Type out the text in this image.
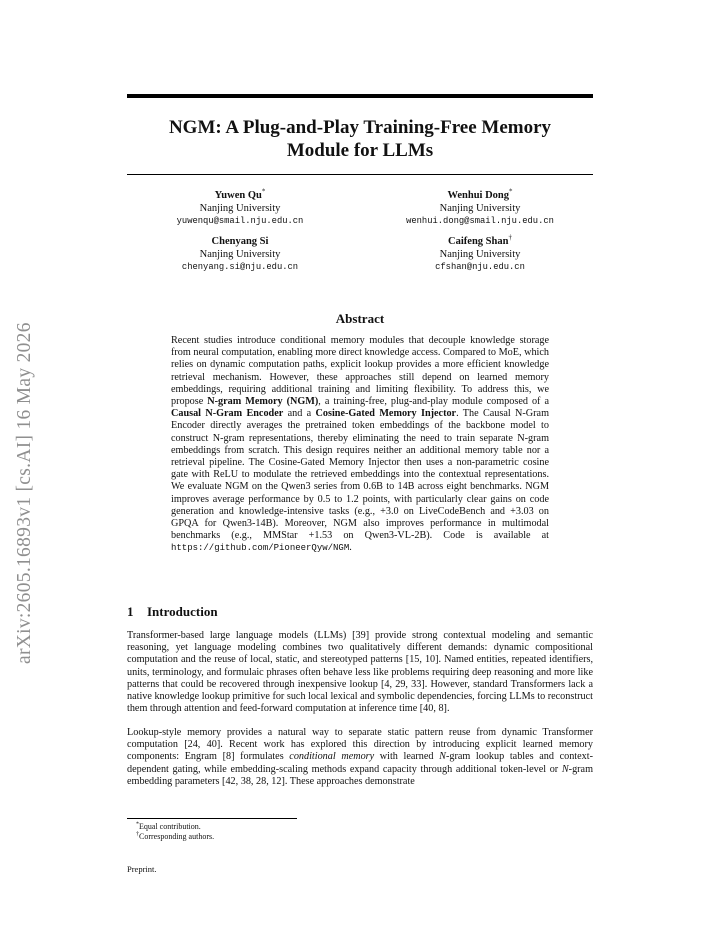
arXiv:2605.16893v1 [cs.AI] 16 May 2026
NGM: A Plug-and-Play Training-Free Memory
Module for LLMs
Yuwen Qu*
Nanjing University
yuwenqu@smail.nju.edu.cn
Wenhui Dong*
Nanjing University
wenhui.dong@smail.nju.edu.cn
Chenyang Si
Nanjing University
chenyang.si@nju.edu.cn
Caifeng Shan†
Nanjing University
cfshan@nju.edu.cn
Abstract
Recent studies introduce conditional memory modules that decouple knowledge storage from neural computation, enabling more direct knowledge access. Compared to MoE, which relies on dynamic computation paths, explicit lookup provides a more efficient knowledge retrieval mechanism. However, these approaches still depend on learned memory embeddings, requiring additional training and limiting flexibility. To address this, we propose N-gram Memory (NGM), a training-free, plug-and-play module composed of a Causal N-Gram Encoder and a Cosine-Gated Memory Injector. The Causal N-Gram Encoder directly averages the pretrained token embeddings of the backbone model to construct N-gram representations, thereby eliminating the need to train separate N-gram embeddings from scratch. This design requires neither an additional memory table nor a retrieval pipeline. The Cosine-Gated Memory Injector then uses a non-parametric cosine gate with ReLU to modulate the retrieved embeddings into the contextual representations. We evaluate NGM on the Qwen3 series from 0.6B to 14B across eight benchmarks. NGM improves average performance by 0.5 to 1.2 points, with particularly clear gains on code generation and knowledge-intensive tasks (e.g., +3.0 on LiveCodeBench and +3.03 on GPQA for Qwen3-14B). Moreover, NGM also improves performance in multimodal benchmarks (e.g., MMStar +1.53 on Qwen3-VL-2B). Code is available at https://github.com/PioneerQyw/NGM.
1 Introduction
Transformer-based large language models (LLMs) [39] provide strong contextual modeling and semantic reasoning, yet language modeling combines two qualitatively different demands: dynamic compositional computation and the reuse of local, static, and stereotyped patterns [15, 10]. Named entities, repeated identifiers, units, terminology, and formulaic phrases often behave less like problems requiring deep reasoning and more like patterns that could be recovered through inexpensive lookup [4, 29, 33]. However, standard Transformers lack a native knowledge lookup primitive for such local lexical and symbolic dependencies, forcing LLMs to reconstruct them through attention and feed-forward computation at inference time [40, 8].
Lookup-style memory provides a natural way to separate static pattern reuse from dynamic Transformer computation [24, 40]. Recent work has explored this direction by introducing explicit learned memory components: Engram [8] formulates conditional memory with learned N-gram lookup tables and context-dependent gating, while embedding-scaling methods expand capacity through additional token-level or N-gram embedding parameters [42, 38, 28, 12]. These approaches demonstrate
*Equal contribution.
†Corresponding authors.
Preprint.
